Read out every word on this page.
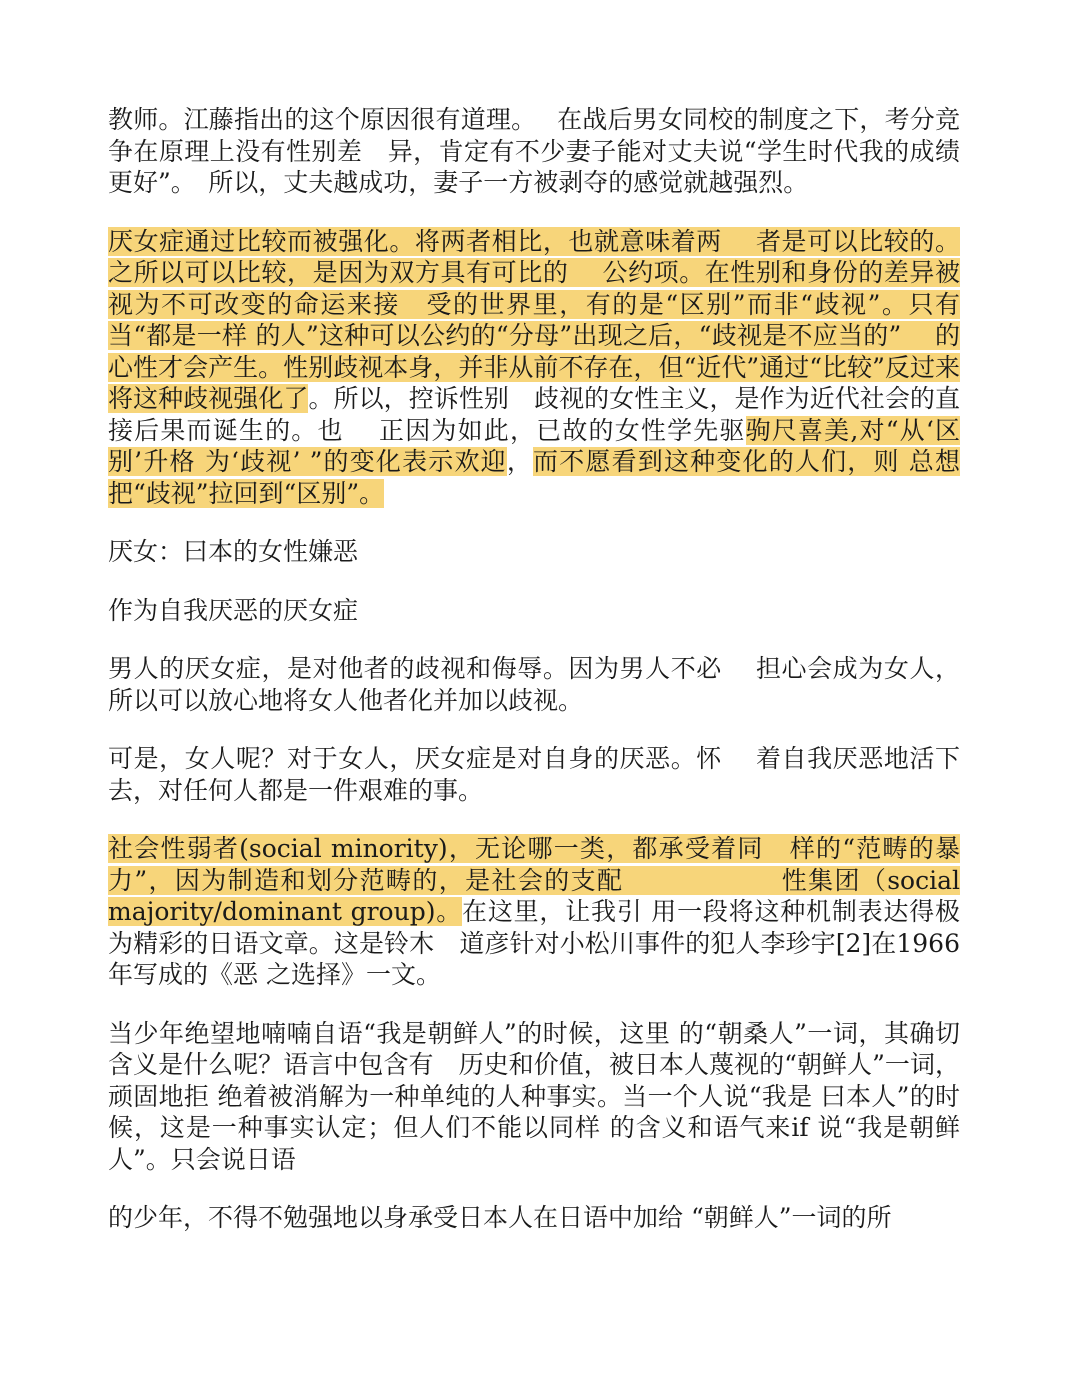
教师。江藤指出的这个原因很有道理。　 在战后男女同校的制度之下，考分竞争在原理上没有性别差　异，肯定有不少妻子能对丈夫说“学生时代我的成绩更好”。　所以，丈夫越成功，妻子一方被剥夺的感觉就越强烈。

厌女症通过比较而被强化。将两者相比，也就意味着两　 者是可以比较的。之所以可以比较，是因为双方具有可比的　 公约项。在性别和身份的差异被视为不可改变的命运来接　受的世界里，有的是“区别”而非“歧视”。只有当“都是一样 的人”这种可以公约的“分母”出现之后，“歧视是不应当的”　 的心性才会产生。性别歧视本身，并非从前不存在，但“近代”通过“比较”反过来将这种歧视强化了。所以，控诉性别　歧视的女性主义，是作为近代社会的直接后果而诞生的。也　 正因为如此，已故的女性学先驱驹尺喜美,对“从‘区别’升格 为‘歧视’ ”的变化表示欢迎，而不愿看到这种变化的人们，则 总想把“歧视”拉回到“区别”。

厌女：曰本的女性嫌恶

作为自我厌恶的厌女症

男人的厌女症，是对他者的歧视和侮辱。因为男人不必　 担心会成为女人，所以可以放心地将女人他者化并加以歧视。

可是，女人呢？对于女人，厌女症是对自身的厌恶。怀　 着自我厌恶地活下去，对任何人都是一件艰难的事。

社会性弱者(social minority)，无论哪一类，都承受着同　样的“范畴的暴力”，因为制造和划分范畴的，是社会的支配　　　　　　性集团（social majority/dominant group)。在这里，让我引 用一段将这种机制表达得极为精彩的日语文章。这是铃木　道彦针对小松川事件的犯人李珍宇[2]在1966年写成的《恶 之选择》一文。

当少年绝望地喃喃自语“我是朝鲜人”的时候，这里 的“朝桑人”一词，其确切含义是什么呢？语言中包含有　历史和价值，被日本人蔑视的“朝鲜人”一词，顽固地拒 绝着被消解为一种单纯的人种事实。当一个人说“我是 曰本人”的时候，这是一种事实认定；但人们不能以同样 的含义和语气来if 说“我是朝鲜人”。只会说日语

的少年，不得不勉强地以身承受日本人在日语中加给 “朝鲜人”一词的所
